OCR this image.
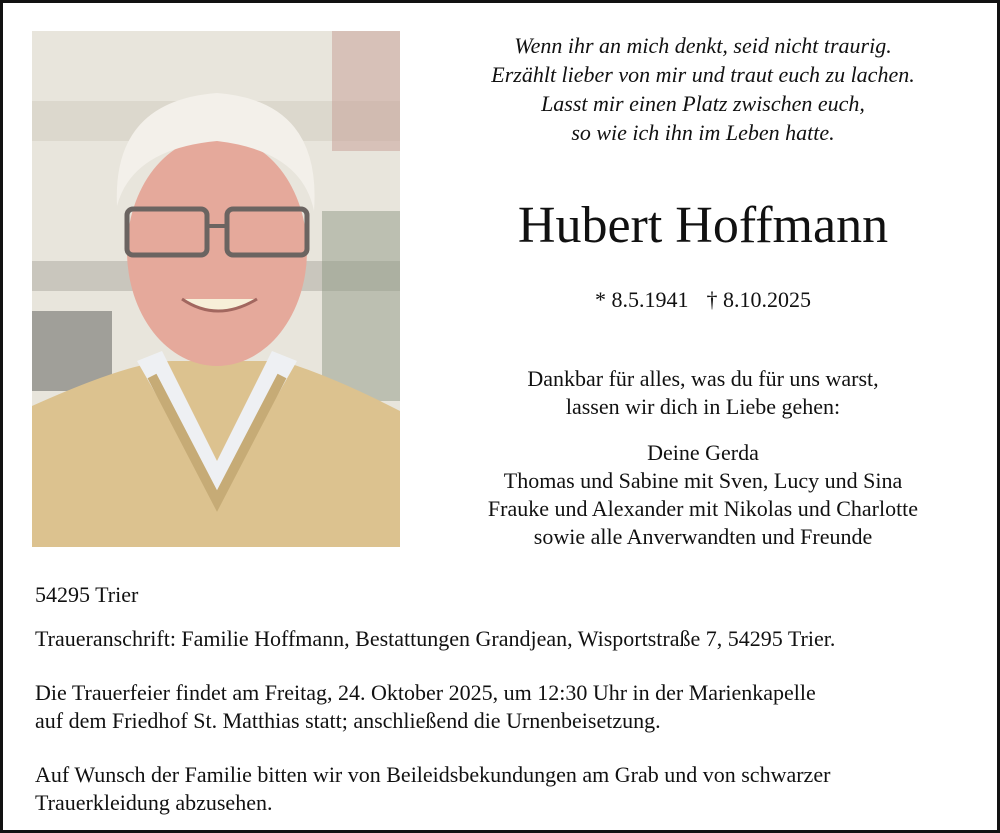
Wenn ihr an mich denkt, seid nicht traurig.
Erzählt lieber von mir und traut euch zu lachen.
Lasst mir einen Platz zwischen euch,
so wie ich ihn im Leben hatte.
Hubert Hoffmann
* 8.5.1941 † 8.10.2025
Dankbar für alles, was du für uns warst,
lassen wir dich in Liebe gehen:
Deine Gerda
Thomas und Sabine mit Sven, Lucy und Sina
Frauke und Alexander mit Nikolas und Charlotte
sowie alle Anverwandten und Freunde
54295 Trier
Traueranschrift: Familie Hoffmann, Bestattungen Grandjean, Wisportstraße 7, 54295 Trier.
Die Trauerfeier findet am Freitag, 24. Oktober 2025, um 12:30 Uhr in der Marienkapelle
auf dem Friedhof St. Matthias statt; anschließend die Urnenbeisetzung.
Auf Wunsch der Familie bitten wir von Beileidsbekundungen am Grab und von schwarzer
Trauerkleidung abzusehen.
